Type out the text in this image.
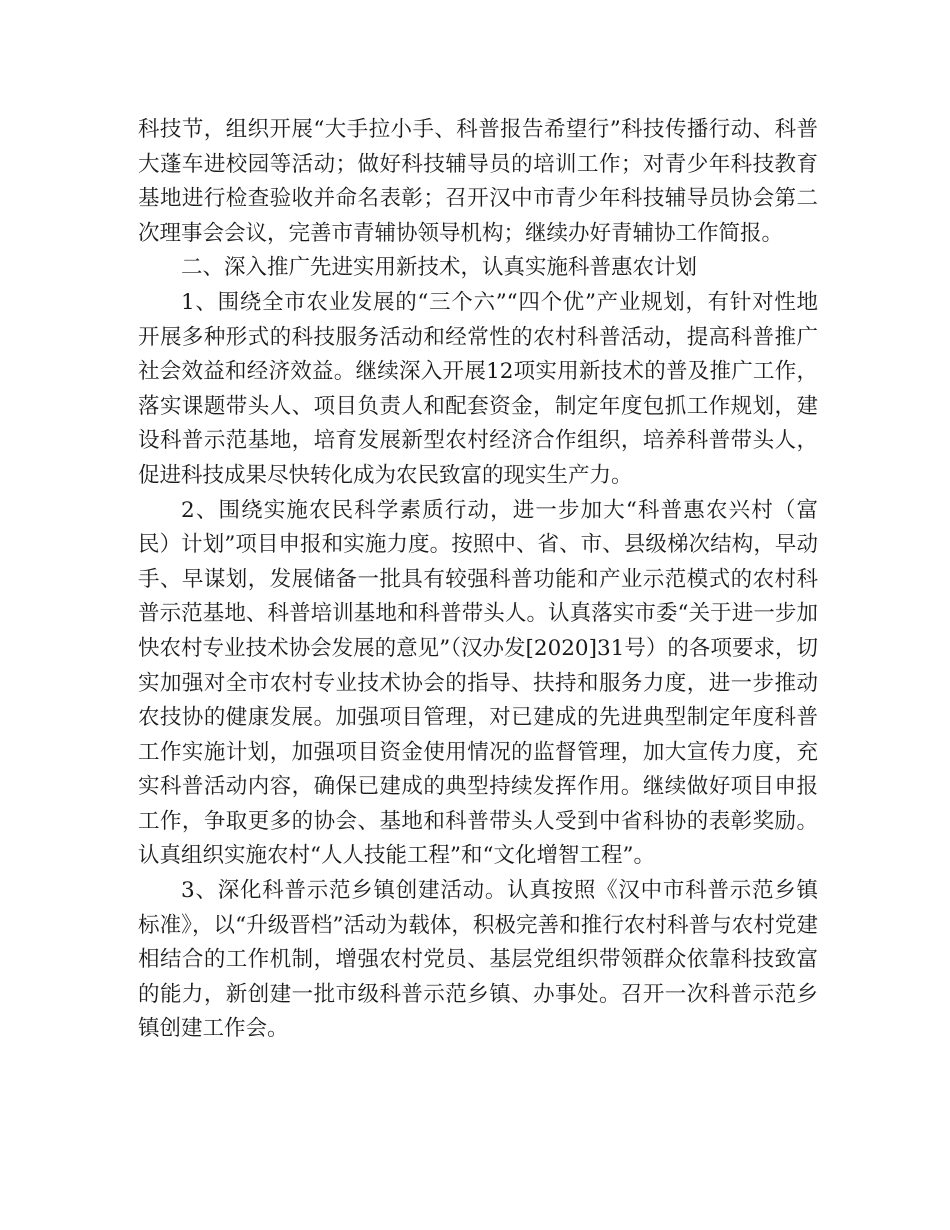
科技节，组织开展“大手拉小手、科普报告希望行”科技传播行动、科普大蓬车进校园等活动；做好科技辅导员的培训工作；对青少年科技教育基地进行检查验收并命名表彰；召开汉中市青少年科技辅导员协会第二次理事会会议，完善市青辅协领导机构；继续办好青辅协工作简报。

二、深入推广先进实用新技术，认真实施科普惠农计划

1、围绕全市农业发展的“三个六”“四个优”产业规划，有针对性地开展多种形式的科技服务活动和经常性的农村科普活动，提高科普推广社会效益和经济效益。继续深入开展12项实用新技术的普及推广工作，落实课题带头人、项目负责人和配套资金，制定年度包抓工作规划，建设科普示范基地，培育发展新型农村经济合作组织，培养科普带头人，促进科技成果尽快转化成为农民致富的现实生产力。

2、围绕实施农民科学素质行动，进一步加大“科普惠农兴村（富民）计划”项目申报和实施力度。按照中、省、市、县级梯次结构，早动手、早谋划，发展储备一批具有较强科普功能和产业示范模式的农村科普示范基地、科普培训基地和科普带头人。认真落实市委“关于进一步加快农村专业技术协会发展的意见”（汉办发[2020]31号）的各项要求，切实加强对全市农村专业技术协会的指导、扶持和服务力度，进一步推动农技协的健康发展。加强项目管理，对已建成的先进典型制定年度科普工作实施计划，加强项目资金使用情况的监督管理，加大宣传力度，充实科普活动内容，确保已建成的典型持续发挥作用。继续做好项目申报工作，争取更多的协会、基地和科普带头人受到中省科协的表彰奖励。认真组织实施农村“人人技能工程”和“文化增智工程”。

3、深化科普示范乡镇创建活动。认真按照《汉中市科普示范乡镇标准》，以“升级晋档”活动为载体，积极完善和推行农村科普与农村党建相结合的工作机制，增强农村党员、基层党组织带领群众依靠科技致富的能力，新创建一批市级科普示范乡镇、办事处。召开一次科普示范乡镇创建工作会。
